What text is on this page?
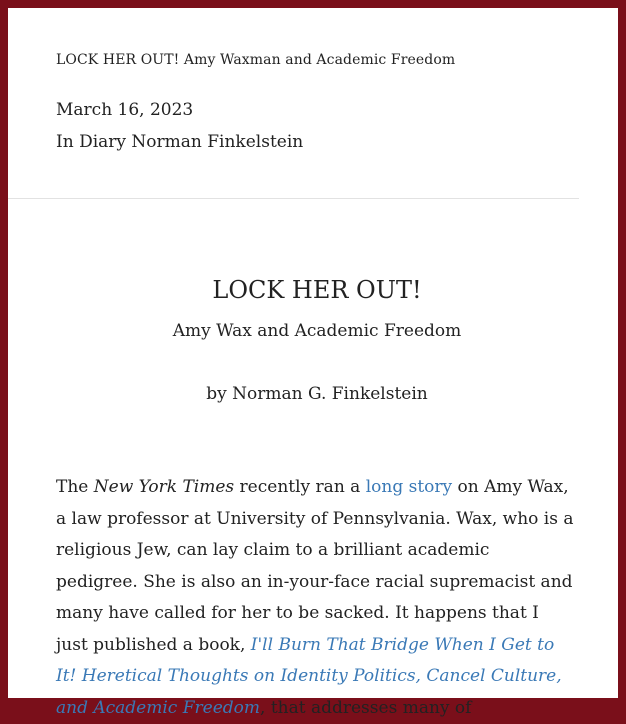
LOCK HER OUT! Amy Waxman and Academic Freedom
March 16, 2023
In Diary Norman Finkelstein
LOCK HER OUT!
Amy Wax and Academic Freedom
by Norman G. Finkelstein

The New York Times recently ran a long story on Amy Wax, a law professor at University of Pennsylvania. Wax, who is a religious Jew, can lay claim to a brilliant academic pedigree. She is also an in-your-face racial supremacist and many have called for her to be sacked. It happens that I just published a book, I'll Burn That Bridge When I Get to It! Heretical Thoughts on Identity Politics, Cancel Culture, and Academic Freedom, that addresses many of
